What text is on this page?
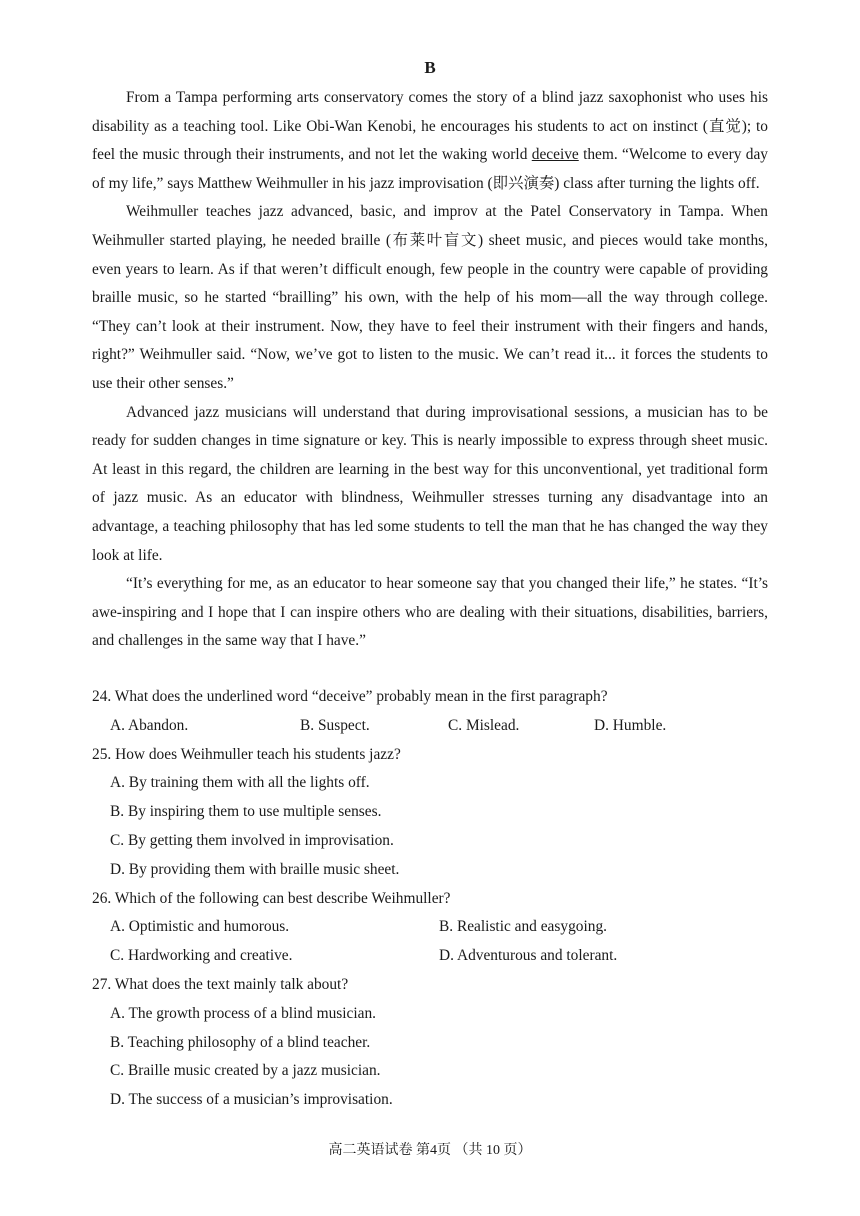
B

From a Tampa performing arts conservatory comes the story of a blind jazz saxophonist who uses his disability as a teaching tool. Like Obi-Wan Kenobi, he encourages his students to act on instinct (直觉); to feel the music through their instruments, and not let the waking world deceive them. “Welcome to every day of my life,” says Matthew Weihmuller in his jazz improvisation (即兴演奏) class after turning the lights off.

Weihmuller teaches jazz advanced, basic, and improv at the Patel Conservatory in Tampa. When Weihmuller started playing, he needed braille (布莱叶盲文) sheet music, and pieces would take months, even years to learn. As if that weren’t difficult enough, few people in the country were capable of providing braille music, so he started “brailling” his own, with the help of his mom—all the way through college. “They can’t look at their instrument. Now, they have to feel their instrument with their fingers and hands, right?” Weihmuller said. “Now, we’ve got to listen to the music. We can’t read it... it forces the students to use their other senses.”

Advanced jazz musicians will understand that during improvisational sessions, a musician has to be ready for sudden changes in time signature or key. This is nearly impossible to express through sheet music. At least in this regard, the children are learning in the best way for this unconventional, yet traditional form of jazz music. As an educator with blindness, Weihmuller stresses turning any disadvantage into an advantage, a teaching philosophy that has led some students to tell the man that he has changed the way they look at life.

“It’s everything for me, as an educator to hear someone say that you changed their life,” he states. “It’s awe-inspiring and I hope that I can inspire others who are dealing with their situations, disabilities, barriers, and challenges in the same way that I have.”

24. What does the underlined word “deceive” probably mean in the first paragraph?

A. Abandon.	B. Suspect.	C. Mislead.	D. Humble.

25. How does Weihmuller teach his students jazz?

A. By training them with all the lights off.
B. By inspiring them to use multiple senses.
C. By getting them involved in improvisation.
D. By providing them with braille music sheet.

26. Which of the following can best describe Weihmuller?

A. Optimistic and humorous.	B. Realistic and easygoing.
C. Hardworking and creative.	D. Adventurous and tolerant.

27. What does the text mainly talk about?

A. The growth process of a blind musician.
B. Teaching philosophy of a blind teacher.
C. Braille music created by a jazz musician.
D. The success of a musician’s improvisation.
高二英语试卷 第4页 （共 10 页）
